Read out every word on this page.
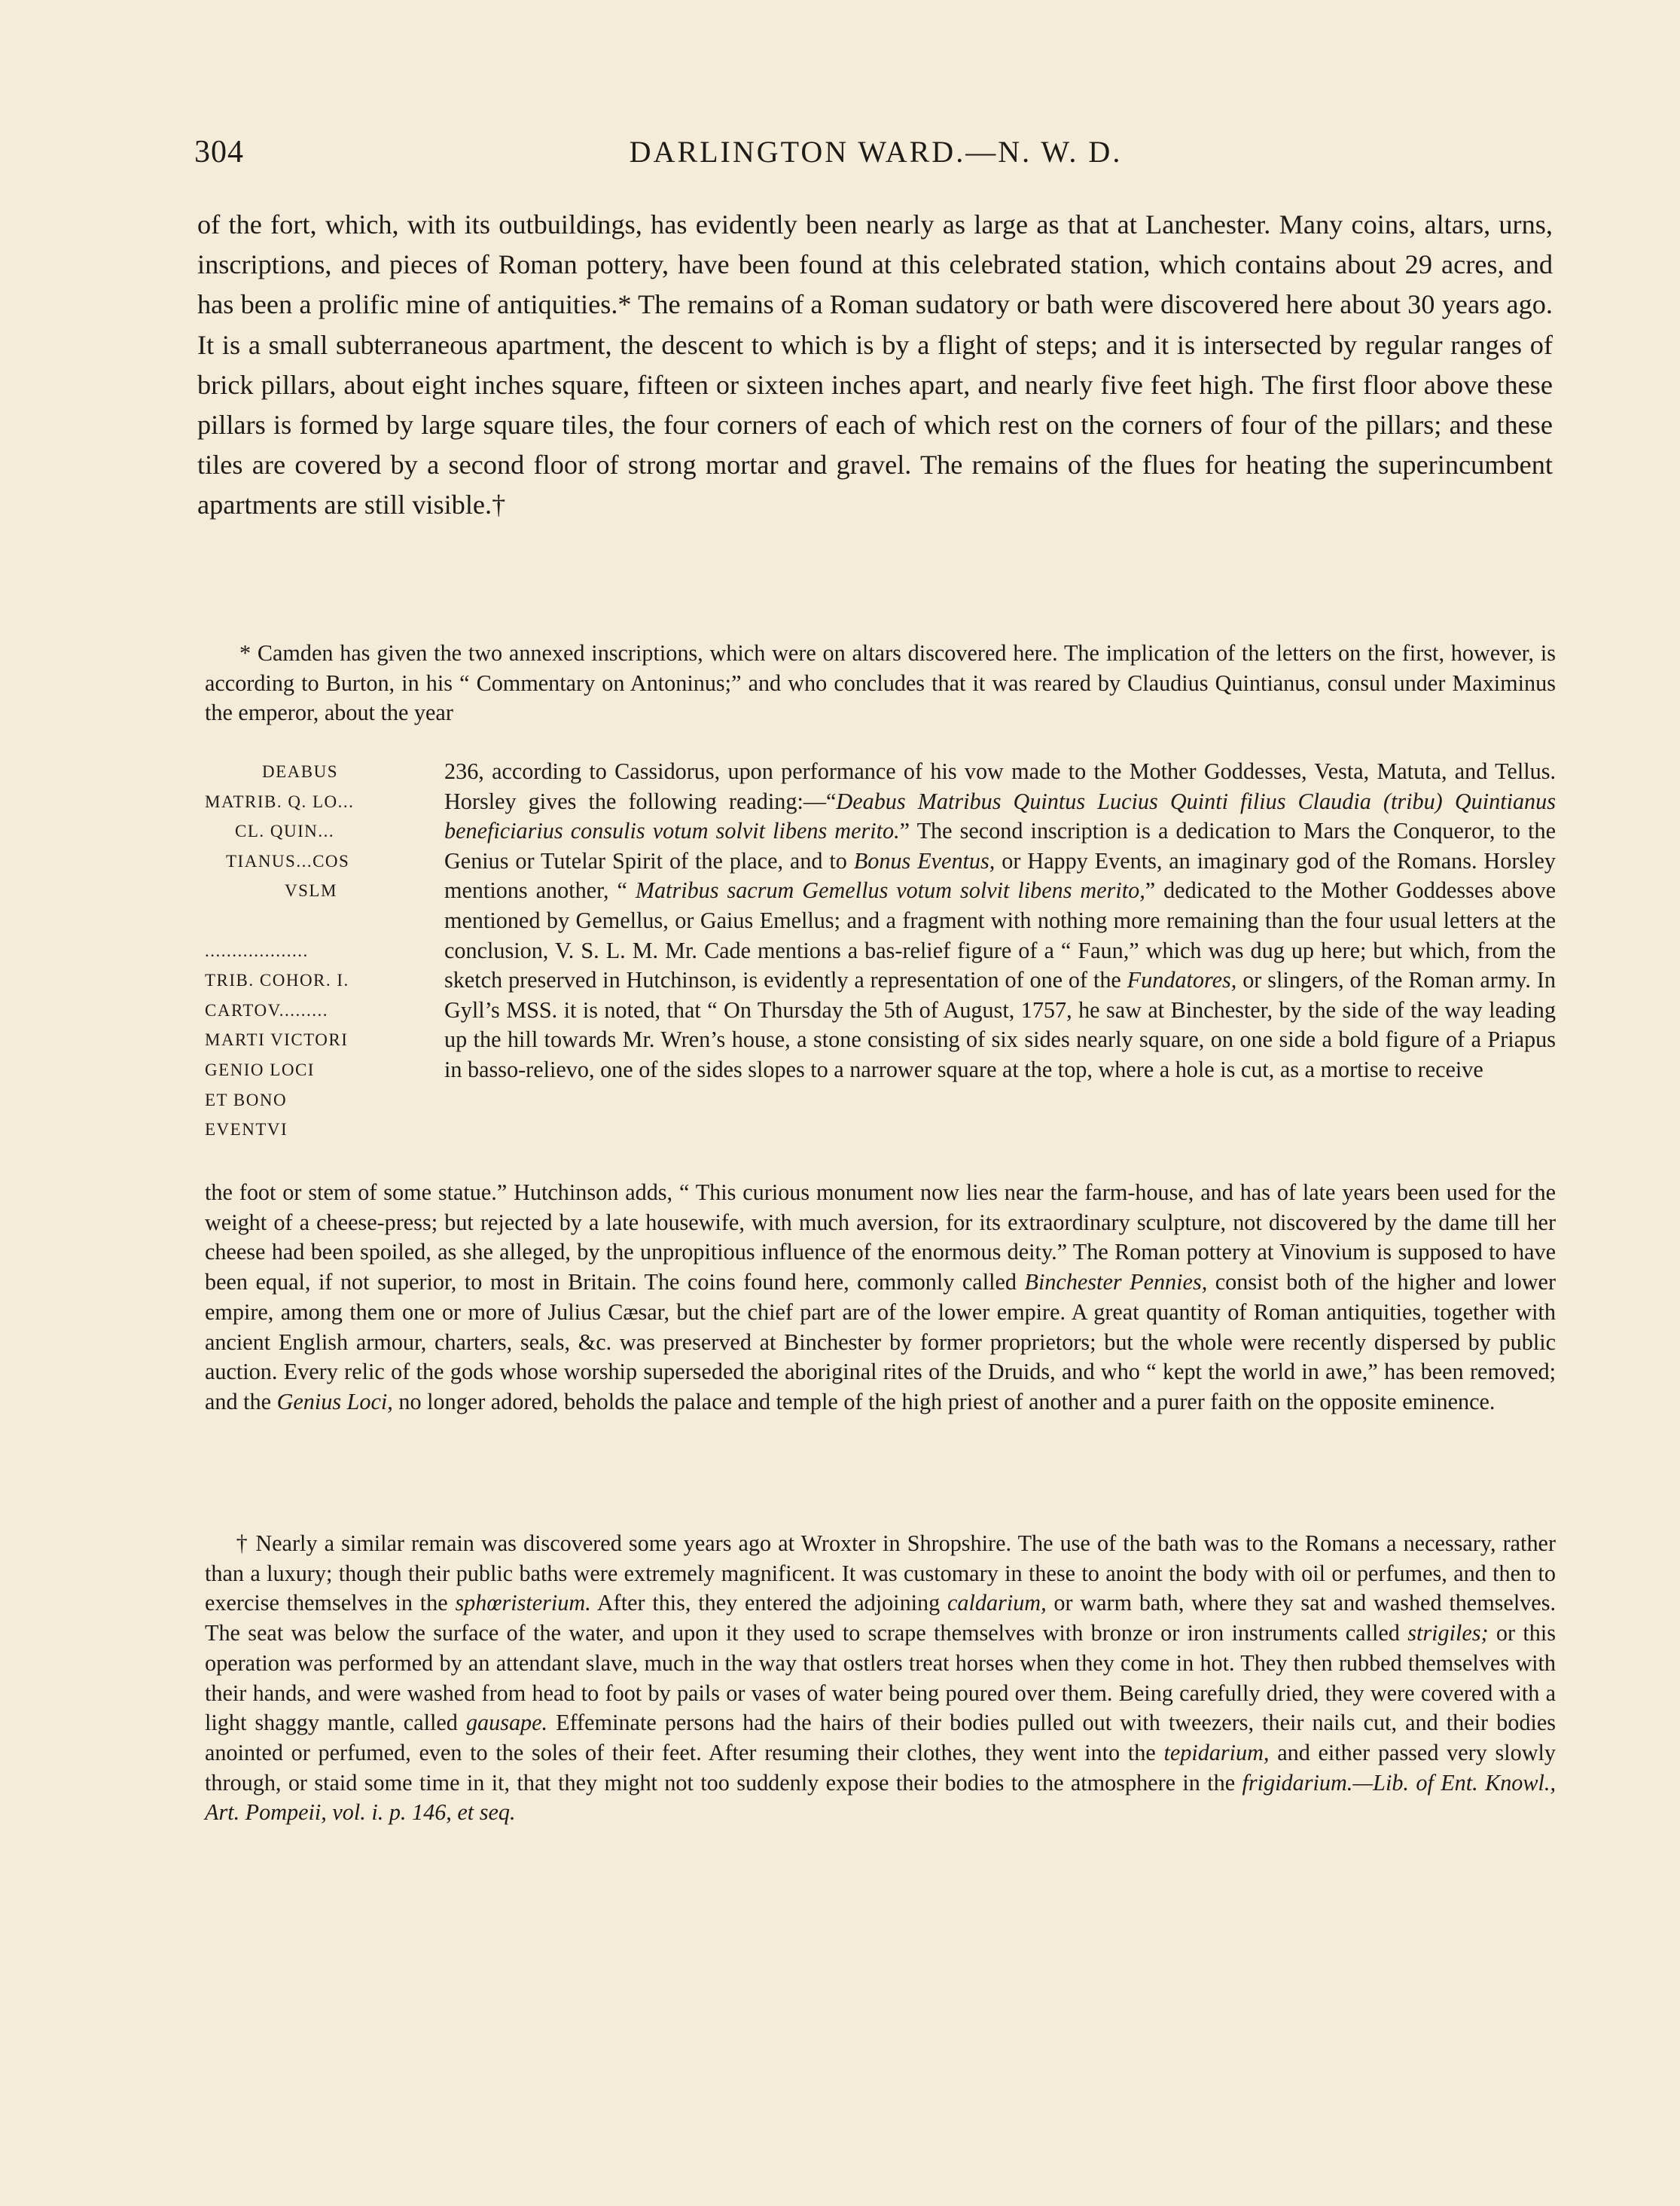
304	DARLINGTON WARD.—N. W. D.

of the fort, which, with its outbuildings, has evidently been nearly as large as that at Lanchester. Many coins, altars, urns, inscriptions, and pieces of Roman pottery, have been found at this celebrated station, which contains about 29 acres, and has been a prolific mine of antiquities.* The remains of a Roman sudatory or bath were discovered here about 30 years ago. It is a small subterraneous apartment, the descent to which is by a flight of steps; and it is intersected by regular ranges of brick pillars, about eight inches square, fifteen or sixteen inches apart, and nearly five feet high. The first floor above these pillars is formed by large square tiles, the four corners of each of which rest on the corners of four of the pillars; and these tiles are covered by a second floor of strong mortar and gravel. The remains of the flues for heating the superincumbent apartments are still visible.†

* Camden has given the two annexed inscriptions, which were on altars discovered here. The implication of the letters on the first, however, is according to Burton, in his “ Commentary on Antoninus;” and who concludes that it was reared by Claudius Quintianus, consul under Maximinus the emperor, about the year

DEABUS
MATRIB. Q. LO...
CL. QUIN...
TIANUS...COS
VSLM
...................
TRIB. COHOR. I.
CARTOV.........
MARTI VICTORI
GENIO LOCI
ET BONO
EVENTVI

236, according to Cassidorus, upon performance of his vow made to the Mother Goddesses, Vesta, Matuta, and Tellus. Horsley gives the following reading:—“Deabus Matribus Quintus Lucius Quinti filius Claudia (tribu) Quintianus beneficiarius consulis votum solvit libens merito.” The second inscription is a dedication to Mars the Conqueror, to the Genius or Tutelar Spirit of the place, and to Bonus Eventus, or Happy Events, an imaginary god of the Romans. Horsley mentions another, “ Matribus sacrum Gemellus votum solvit libens merito,” dedicated to the Mother Goddesses above mentioned by Gemellus, or Gaius Emellus; and a fragment with nothing more remaining than the four usual letters at the conclusion, V. S. L. M. Mr. Cade mentions a bas-relief figure of a “ Faun,” which was dug up here; but which, from the sketch preserved in Hutchinson, is evidently a representation of one of the Fundatores, or slingers, of the Roman army. In Gyll’s MSS. it is noted, that “ On Thursday the 5th of August, 1757, he saw at Binchester, by the side of the way leading up the hill towards Mr. Wren’s house, a stone consisting of six sides nearly square, on one side a bold figure of a Priapus in basso-relievo, one of the sides slopes to a narrower square at the top, where a hole is cut, as a mortise to receive

the foot or stem of some statue.” Hutchinson adds, “ This curious monument now lies near the farm-house, and has of late years been used for the weight of a cheese-press; but rejected by a late housewife, with much aversion, for its extraordinary sculpture, not discovered by the dame till her cheese had been spoiled, as she alleged, by the unpropitious influence of the enormous deity.” The Roman pottery at Vinovium is supposed to have been equal, if not superior, to most in Britain. The coins found here, commonly called Binchester Pennies, consist both of the higher and lower empire, among them one or more of Julius Cæsar, but the chief part are of the lower empire. A great quantity of Roman antiquities, together with ancient English armour, charters, seals, &c. was preserved at Binchester by former proprietors; but the whole were recently dispersed by public auction. Every relic of the gods whose worship superseded the aboriginal rites of the Druids, and who “ kept the world in awe,” has been removed; and the Genius Loci, no longer adored, beholds the palace and temple of the high priest of another and a purer faith on the opposite eminence.

† Nearly a similar remain was discovered some years ago at Wroxter in Shropshire. The use of the bath was to the Romans a necessary, rather than a luxury; though their public baths were extremely magnificent. It was customary in these to anoint the body with oil or perfumes, and then to exercise themselves in the sphœristerium. After this, they entered the adjoining caldarium, or warm bath, where they sat and washed themselves. The seat was below the surface of the water, and upon it they used to scrape themselves with bronze or iron instruments called strigiles; or this operation was performed by an attendant slave, much in the way that ostlers treat horses when they come in hot. They then rubbed themselves with their hands, and were washed from head to foot by pails or vases of water being poured over them. Being carefully dried, they were covered with a light shaggy mantle, called gausape. Effeminate persons had the hairs of their bodies pulled out with tweezers, their nails cut, and their bodies anointed or perfumed, even to the soles of their feet. After resuming their clothes, they went into the tepidarium, and either passed very slowly through, or staid some time in it, that they might not too suddenly expose their bodies to the atmosphere in the frigidarium.—Lib. of Ent. Knowl., Art. Pompeii, vol. i. p. 146, et seq.
